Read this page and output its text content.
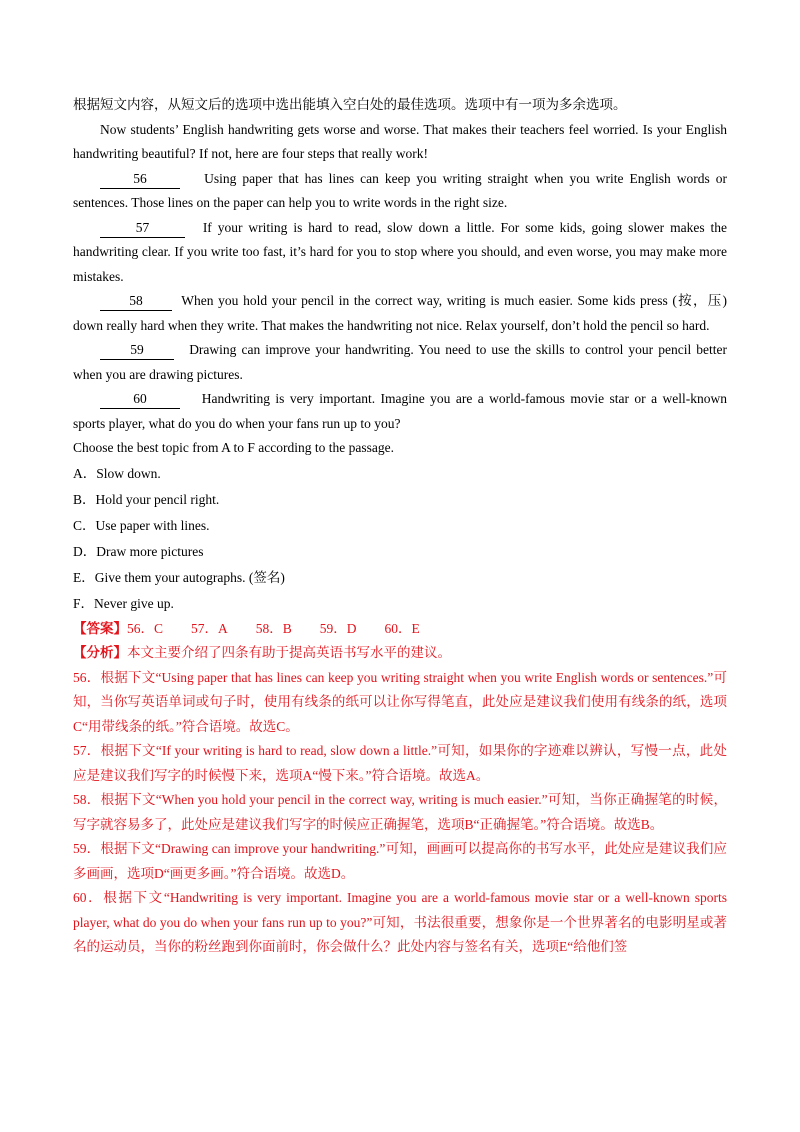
根据短文内容，从短文后的选项中选出能填入空白处的最佳选项。选项中有一项为多余选项。

Now students’ English handwriting gets worse and worse. That makes their teachers feel worried. Is your English handwriting beautiful? If not, here are four steps that really work!

56	Using paper that has lines can keep you writing straight when you write English words or sentences. Those lines on the paper can help you to write words in the right size.

57	If your writing is hard to read, slow down a little. For some kids, going slower makes the handwriting clear. If you write too fast, it’s hard for you to stop where you should, and even worse, you may make more mistakes.

58	When you hold your pencil in the correct way, writing is much easier. Some kids press (按，压) down really hard when they write. That makes the handwriting not nice. Relax yourself, don’t hold the pencil so hard.

59	Drawing can improve your handwriting. You need to use the skills to control your pencil better when you are drawing pictures.

60	Handwriting is very important. Imagine you are a world-famous movie star or a well-known sports player, what do you do when your fans run up to you?

Choose the best topic from A to F according to the passage.

A．Slow down.

B．Hold your pencil right.

C．Use paper with lines.

D．Draw more pictures

E．Give them your autographs. (签名)

F．Never give up.

【答案】56．C 57．A 58．B 59．D 60．E

【分析】本文主要介绍了四条有助于提高英语书写水平的建议。

56．根据下文“Using paper that has lines can keep you writing straight when you write English words or sentences.”可知，当你写英语单词或句子时，使用有线条的纸可以让你写得笔直，此处应是建议我们使用有线条的纸，选项C“用带线条的纸。”符合语境。故选C。

57．根据下文“If your writing is hard to read, slow down a little.”可知，如果你的字迹难以辨认，写慢一点，此处应是建议我们写字的时候慢下来，选项A“慢下来。”符合语境。故选A。

58．根据下文“When you hold your pencil in the correct way, writing is much easier.”可知，当你正确握笔的时候，写字就容易多了，此处应是建议我们写字的时候应正确握笔，选项B“正确握笔。”符合语境。故选B。

59．根据下文“Drawing can improve your handwriting.”可知，画画可以提高你的书写水平，此处应是建议我们应多画画，选项D“画更多画。”符合语境。故选D。

60．根据下文“Handwriting is very important. Imagine you are a world-famous movie star or a well-known sports player, what do you do when your fans run up to you?”可知，书法很重要，想象你是一个世界著名的电影明星或著名的运动员，当你的粉丝跑到你面前时，你会做什么？此处内容与签名有关，选项E“给他们签
